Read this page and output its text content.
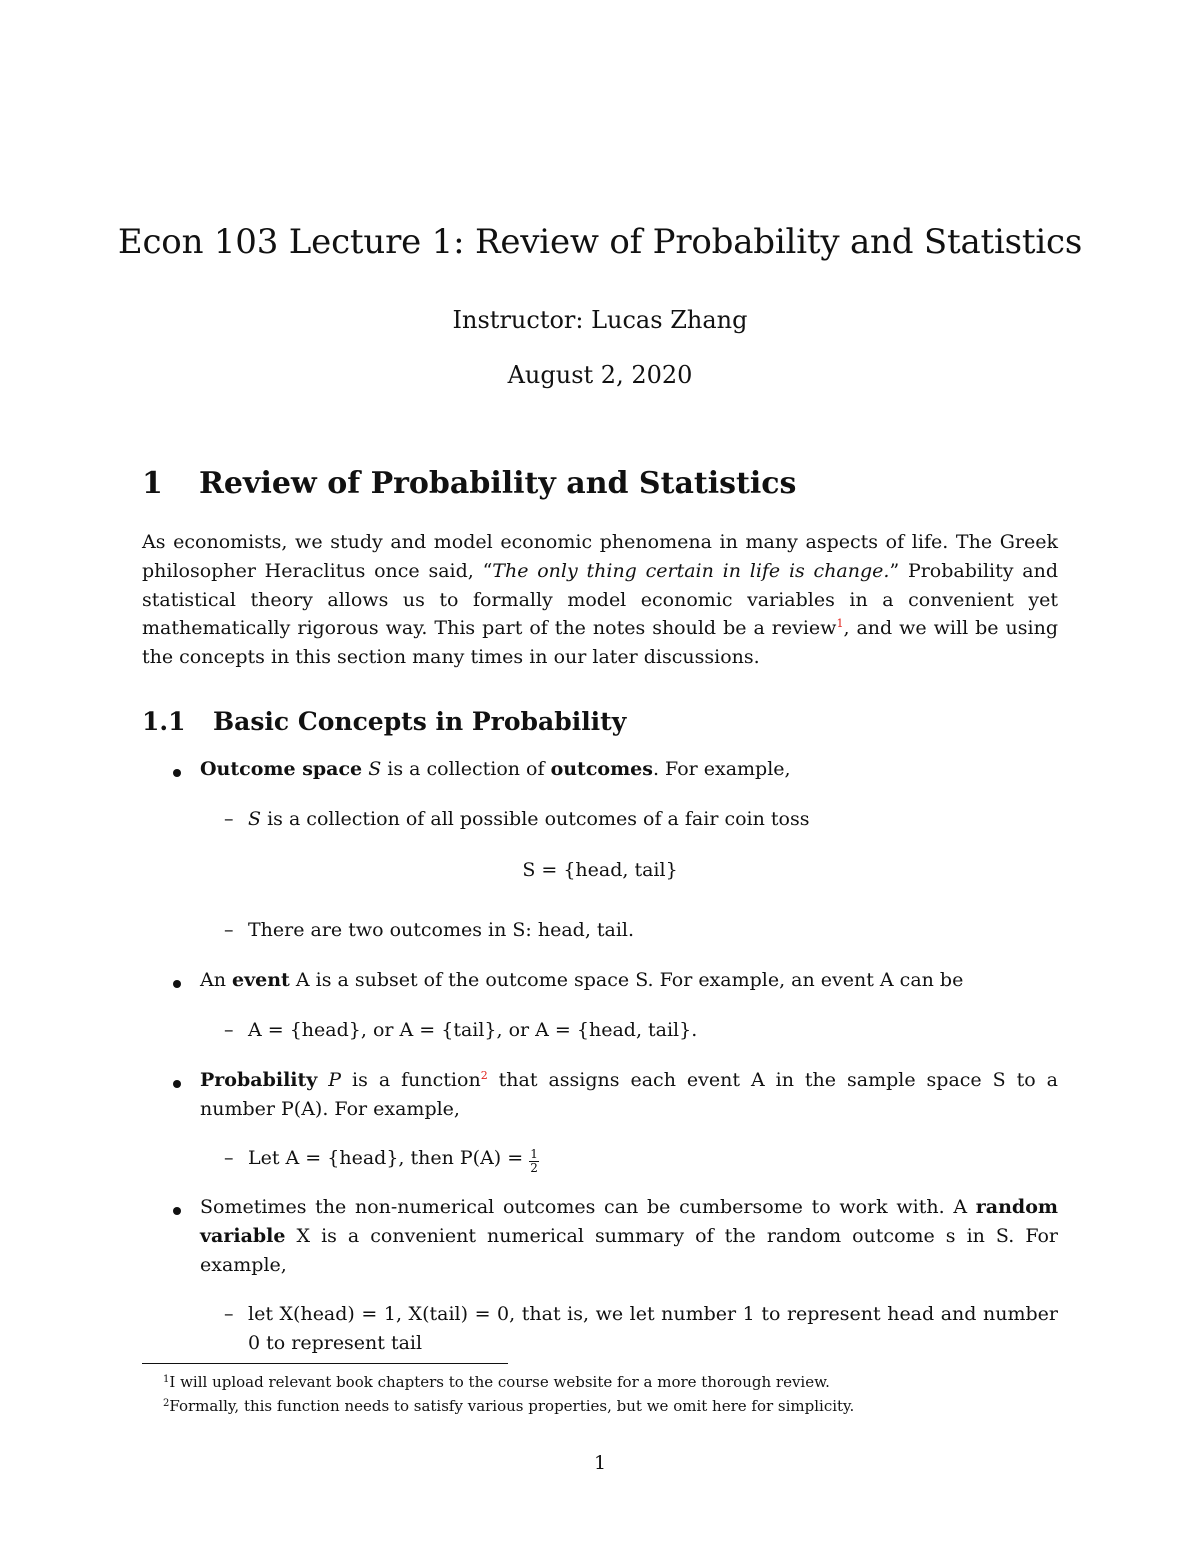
Econ 103 Lecture 1: Review of Probability and Statistics
Instructor: Lucas Zhang
August 2, 2020
1 Review of Probability and Statistics
As economists, we study and model economic phenomena in many aspects of life. The Greek philosopher Heraclitus once said, “The only thing certain in life is change.” Probability and statistical theory allows us to formally model economic variables in a convenient yet mathematically rigorous way. This part of the notes should be a review$^1$, and we will be using the concepts in this section many times in our later discussions.
1.1 Basic Concepts in Probability
Outcome space S is a collection of outcomes. For example,
– S is a collection of all possible outcomes of a fair coin toss
S = {head, tail}
– There are two outcomes in S: head, tail.
An event A is a subset of the outcome space S. For example, an event A can be
– A = {head}, or A = {tail}, or A = {head, tail}.
Probability P is a function$^2$ that assigns each event A in the sample space S to a number P(A). For example,
– Let A = {head}, then $P(A) = \frac{1}{2}$
Sometimes the non-numerical outcomes can be cumbersome to work with. A random variable X is a convenient numerical summary of the random outcome s in S. For example,
– let X(head) = 1, X(tail) = 0, that is, we let number 1 to represent head and number 0 to represent tail
$^1$I will upload relevant book chapters to the course website for a more thorough review.
$^2$Formally, this function needs to satisfy various properties, but we omit here for simplicity.
1
